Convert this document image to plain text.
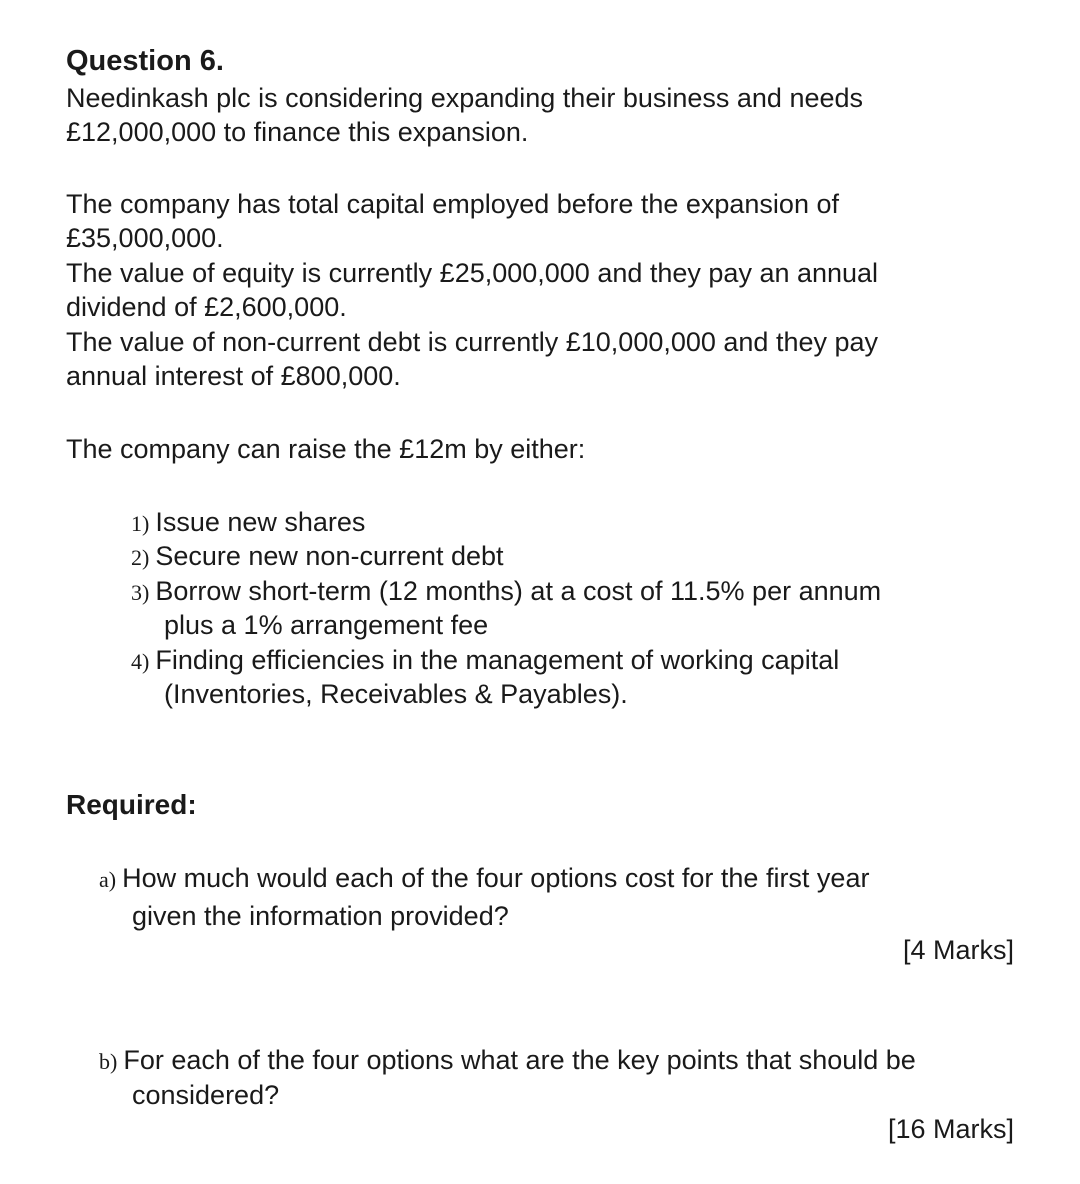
Question 6.
Needinkash plc is considering expanding their business and needs
£12,000,000 to finance this expansion.
The company has total capital employed before the expansion of
£35,000,000.
The value of equity is currently £25,000,000 and they pay an annual
dividend of £2,600,000.
The value of non-current debt is currently £10,000,000 and they pay
annual interest of £800,000.
The company can raise the £12m by either:
1) Issue new shares
2) Secure new non-current debt
3) Borrow short-term (12 months) at a cost of 11.5% per annum
plus a 1% arrangement fee
4) Finding efficiencies in the management of working capital
(Inventories, Receivables & Payables).
Required:
a) How much would each of the four options cost for the first year
given the information provided?
[4 Marks]
b) For each of the four options what are the key points that should be
considered?
[16 Marks]
